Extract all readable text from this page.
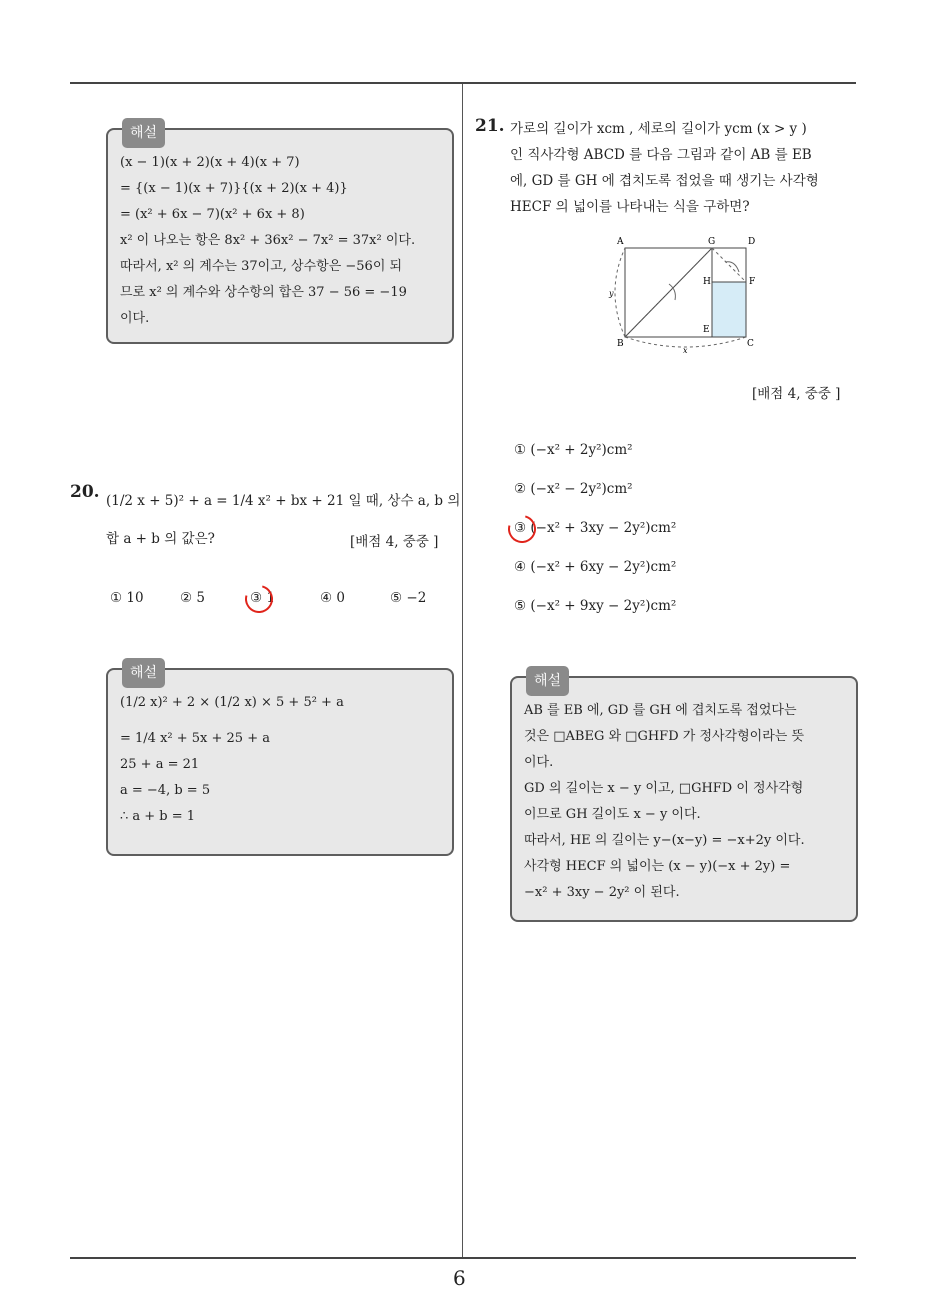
해설
(x − 1)(x + 2)(x + 4)(x + 7)
= {(x − 1)(x + 7)}{(x + 2)(x + 4)}
= (x² + 6x − 7)(x² + 6x + 8)
x² 이 나오는 항은 8x² + 36x² − 7x² = 37x² 이다.
따라서, x² 의 계수는 37이고, 상수항은 −56이 되
므로 x² 의 계수와 상수항의 합은 37 − 56 = −19
이다.
20. (1/2 x + 5)² + a = 1/4 x² + bx + 21 일 때, 상수 a, b 의
합 a + b 의 값은?	[배점 4, 중중 ]
① 10	② 5	③ 1	④ 0	⑤ −2
해설
(1/2 x)² + 2 × (1/2 x) × 5 + 5² + a
= 1/4 x² + 5x + 25 + a
25 + a = 21
a = −4, b = 5
∴ a + b = 1
21. 가로의 길이가 xcm , 세로의 길이가 ycm (x > y )
인 직사각형 ABCD 를 다음 그림과 같이 AB 를 EB
에, GD 를 GH 에 겹치도록 접었을 때 생기는 사각형
HECF 의 넓이를 나타내는 식을 구하면?
A	G	D
H	F
E
B	C
x
y
[배점 4, 중중 ]
① (−x² + 2y²)cm²
② (−x² − 2y²)cm²
③ (−x² + 3xy − 2y²)cm²
④ (−x² + 6xy − 2y²)cm²
⑤ (−x² + 9xy − 2y²)cm²
해설
AB 를 EB 에, GD 를 GH 에 겹치도록 접었다는
것은 □ABEG 와 □GHFD 가 정사각형이라는 뜻
이다.
GD 의 길이는 x − y 이고, □GHFD 이 정사각형
이므로 GH 길이도 x − y 이다.
따라서, HE 의 길이는 y−(x−y) = −x+2y 이다.
사각형 HECF 의 넓이는 (x − y)(−x + 2y) =
−x² + 3xy − 2y² 이 된다.
6
